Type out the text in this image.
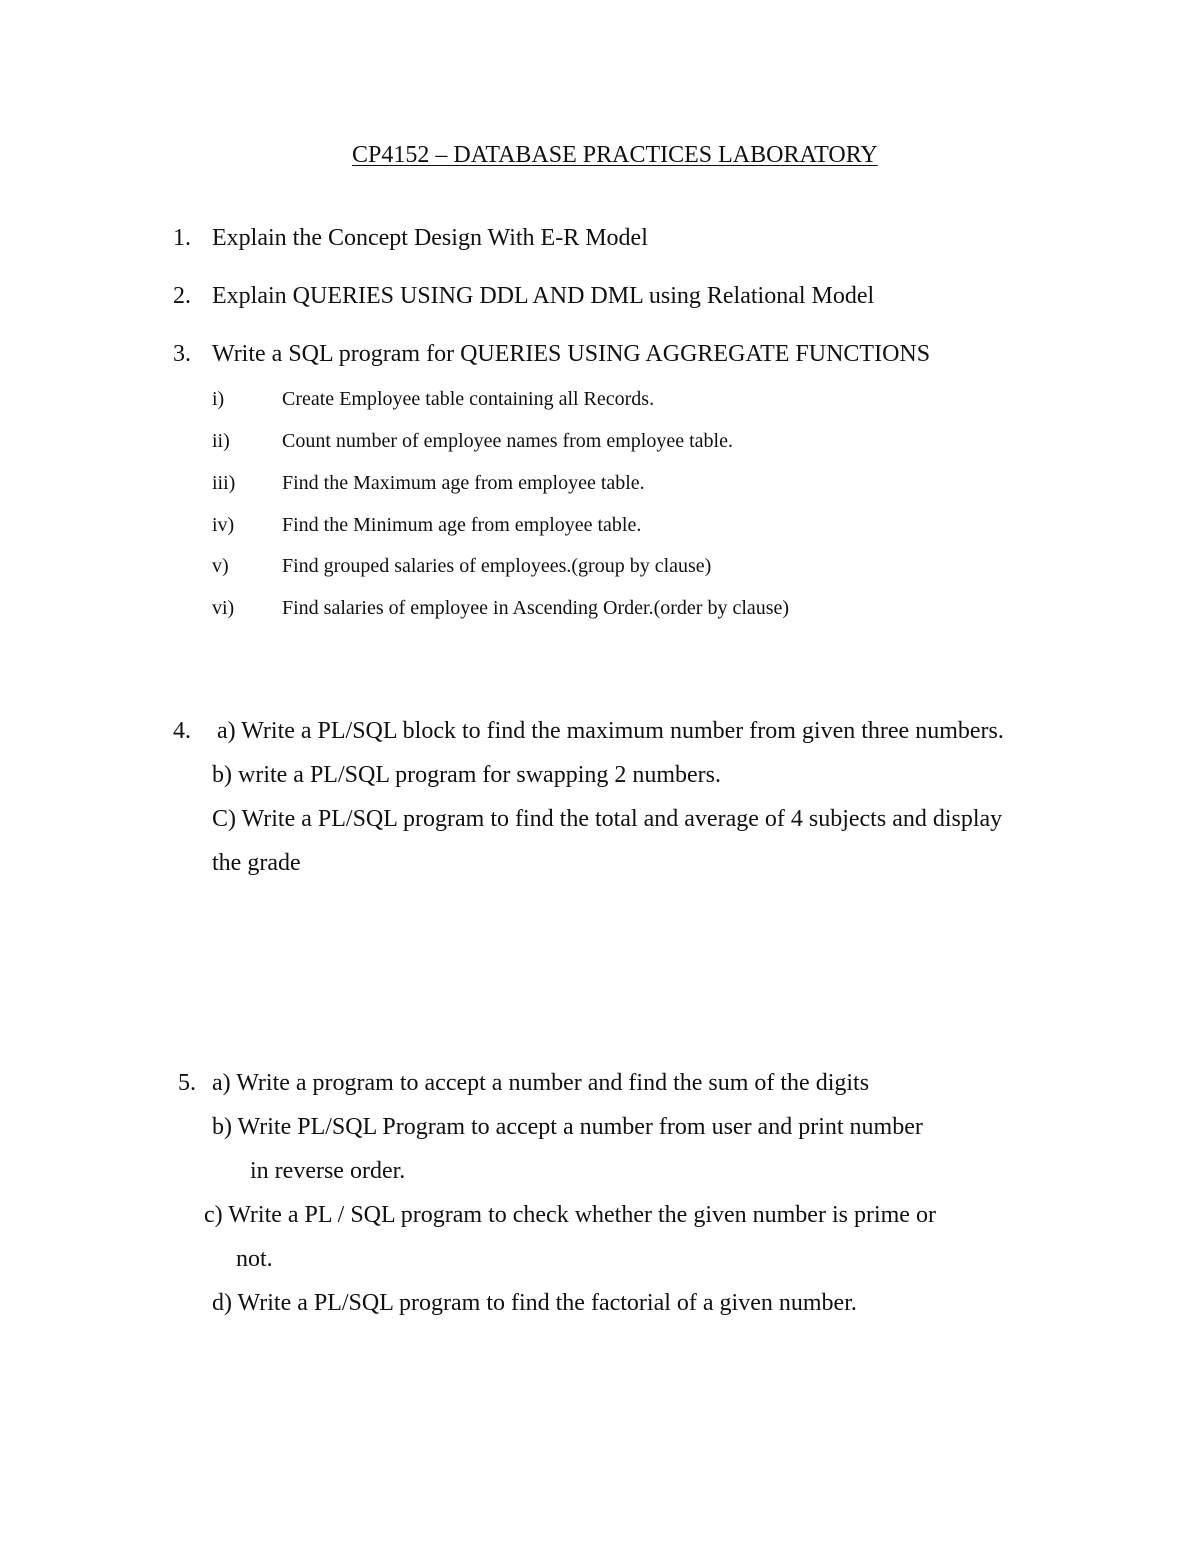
CP4152 – DATABASE PRACTICES LABORATORY
1. Explain the Concept Design With E-R Model
2. Explain QUERIES USING DDL AND DML using Relational Model
3. Write a SQL program for QUERIES USING AGGREGATE FUNCTIONS
i)	Create Employee table containing all Records.
ii)	Count number of employee names from employee table.
iii) Find the Maximum age from employee table.
iv) Find the Minimum age from employee table.
v)	Find grouped salaries of employees.(group by clause)
vi) Find salaries of employee in Ascending Order.(order by clause)
4. a) Write a PL/SQL block to find the maximum number from given three numbers.
b) write a PL/SQL program for swapping 2 numbers.
C) Write a PL/SQL program to find the total and average of 4 subjects and display
the grade
5. a) Write a program to accept a number and find the sum of the digits
b) Write PL/SQL Program to accept a number from user and print number
in reverse order.
c) Write a PL / SQL program to check whether the given number is prime or
not.
d) Write a PL/SQL program to find the factorial of a given number.
